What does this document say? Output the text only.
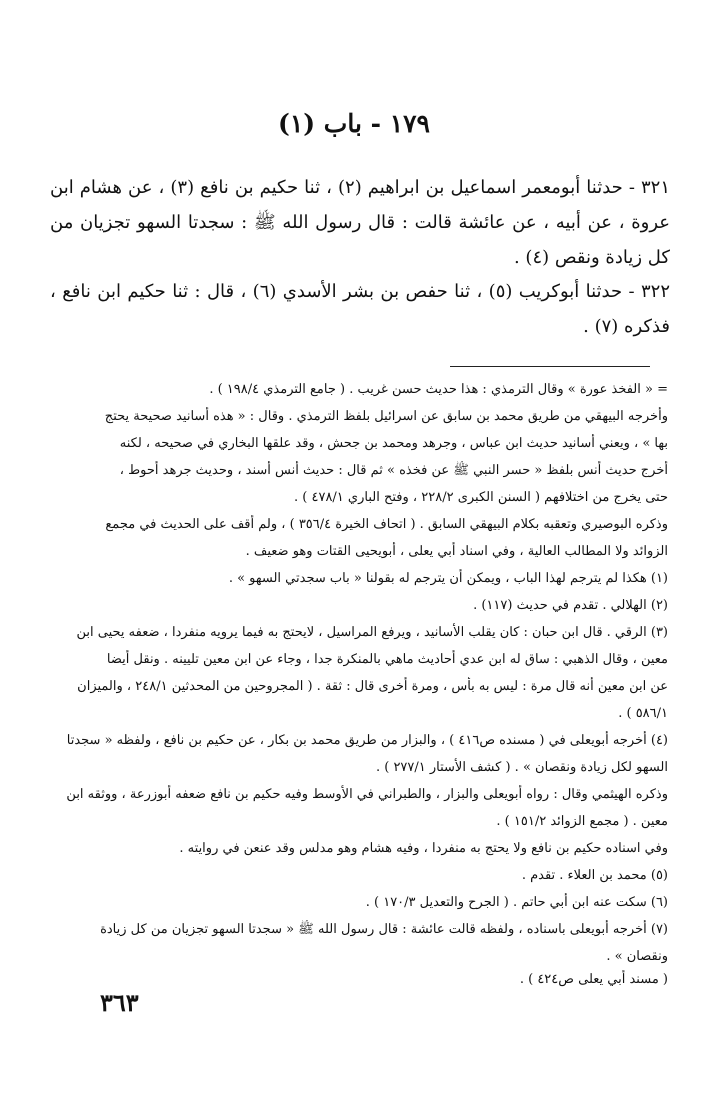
١٧٩ - باب (١)

٣٢١ - حدثنا أبومعمر اسماعيل بن ابراهيم (٢) ، ثنا حكيم بن نافع (٣) ، عن هشام ابن عروة ، عن أبيه ، عن عائشة قالت : قال رسول الله ﷺ : سجدتا السهو تجزيان من كل زيادة ونقص (٤) .

٣٢٢ - حدثنا أبوكريب (٥) ، ثنا حفص بن بشر الأسدي (٦) ، قال : ثنا حكيم ابن نافع ، فذكره (٧) .

= « الفخذ عورة » وقال الترمذي : هذا حديث حسن غريب . ( جامع الترمذي ١٩٨/٤ ) .
وأخرجه البيهقي من طريق محمد بن سابق عن اسرائيل بلفظ الترمذي . وقال : « هذه أسانيد صحيحة يحتج
بها » ، ويعني أسانيد حديث ابن عباس ، وجرهد ومحمد بن جحش ، وقد علقها البخاري في صحيحه ، لكنه
أخرج حديث أنس بلفظ « حسر النبي ﷺ عن فخذه » ثم قال : حديث أنس أسند ، وحديث جرهد أحوط ،
حتى يخرج من اختلافهم ( السنن الكبرى ٢٢٨/٢ ، وفتح الباري ٤٧٨/١ ) .
وذكره البوصيري وتعقبه بكلام البيهقي السابق . ( اتحاف الخيرة ٣٥٦/٤ ) ، ولم أقف على الحديث في مجمع
الزوائد ولا المطالب العالية ، وفي اسناد أبي يعلى ، أبويحيى القتات وهو ضعيف .
(١) هكذا لم يترجم لهذا الباب ، ويمكن أن يترجم له بقولنا « باب سجدتي السهو » .
(٢) الهلالي . تقدم في حديث (١١٧) .
(٣) الرقي . قال ابن حبان : كان يقلب الأسانيد ، ويرفع المراسيل ، لايحتج به فيما يرويه منفردا ، ضعفه يحيى ابن
معين ، وقال الذهبي : ساق له ابن عدي أحاديث ماهي بالمنكرة جدا ، وجاء عن ابن معين تليينه . ونقل أيضا
عن ابن معين أنه قال مرة : ليس به بأس ، ومرة أخرى قال : ثقة . ( المجروحين من المحدثين ٢٤٨/١ ، والميزان
٥٨٦/١ ) .
(٤) أخرجه أبويعلى في ( مسنده ص٤١٦ ) ، والبزار من طريق محمد بن بكار ، عن حكيم بن نافع ، ولفظه « سجدتا
السهو لكل زيادة ونقصان » . ( كشف الأستار ٢٧٧/١ ) .
وذكره الهيثمي وقال : رواه أبويعلى والبزار ، والطبراني في الأوسط وفيه حكيم بن نافع ضعفه أبوزرعة ، ووثقه ابن
معين . ( مجمع الزوائد ١٥١/٢ ) .
وفي اسناده حكيم بن نافع ولا يحتج به منفردا ، وفيه هشام وهو مدلس وقد عنعن في روايته .
(٥) محمد بن العلاء . تقدم .
(٦) سكت عنه ابن أبي حاتم . ( الجرح والتعديل ١٧٠/٣ ) .
(٧) أخرجه أبويعلى باسناده ، ولفظه قالت عائشة : قال رسول الله ﷺ « سجدتا السهو تجزيان من كل زيادة
ونقصان » .
( مسند أبي يعلى ص٤٢٤ ) .
٣٦٣
